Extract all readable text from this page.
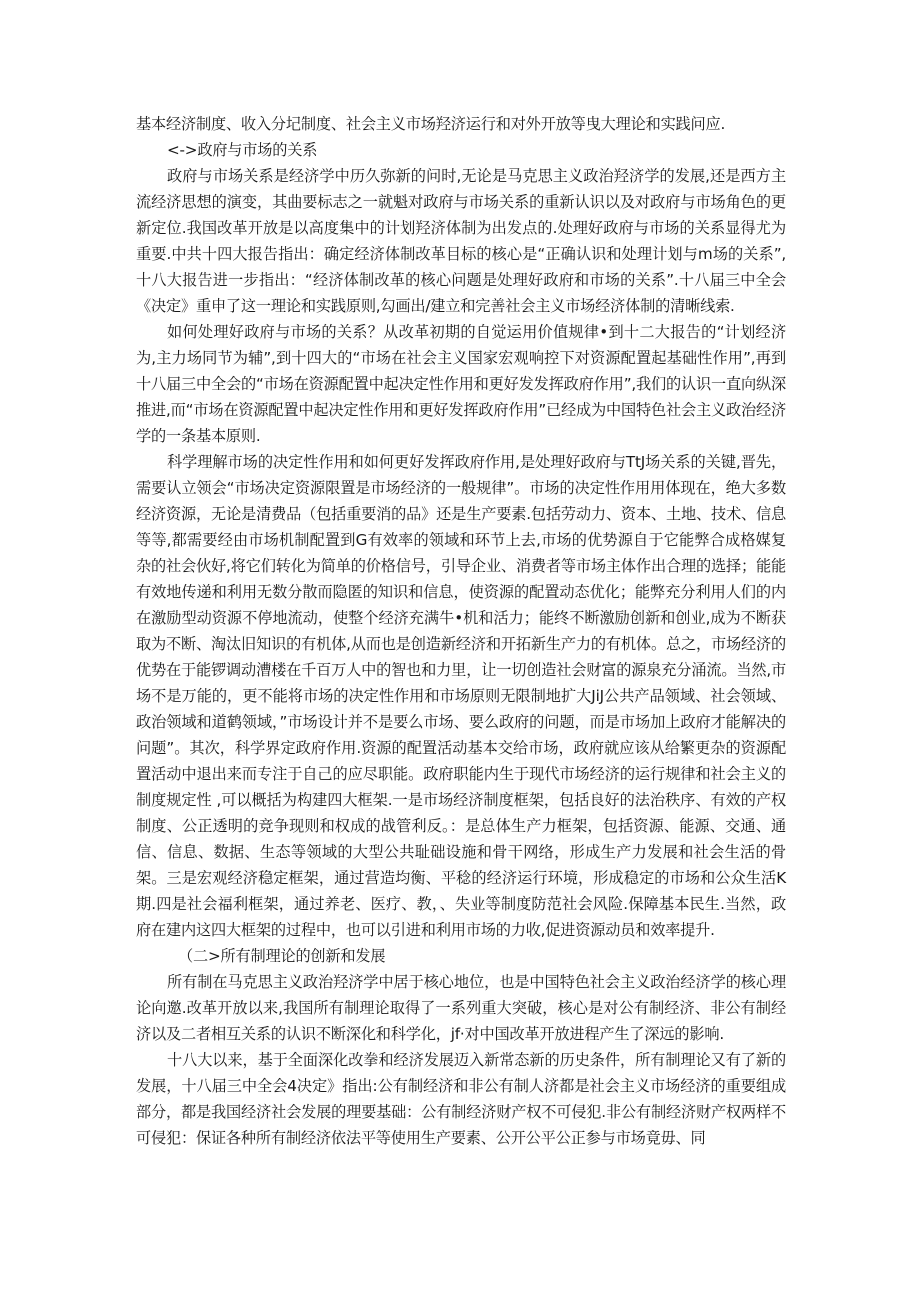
基本经济制度、收入分圮制度、社会主义市场羟济运行和对外开放等曳大理论和实践问应.

<->政府与市场的关系

政府与市场关系是经济学中历久弥新的问时,无论是马克思主义政治羟济学的发展,还是西方主流经济思想的演变，其曲要标志之一就魁对政府与市场关系的重新认识以及对政府与市场角色的更新定位.我国改革开放是以高度集中的计划羟济体制为出发点的.处理好政府与市场的关系显得尤为重要.中共十四大报告指出：确定经济体制改革目标的核心是“正确认识和处理计划与m场的关系”,十八大报告进一步指出：“经济体制改革的核心问题是处理好政府和市场的关系”.十八届三中全会《决定》重申了这一理论和实践原则,勾画出/建立和完善社会主义市场经济体制的清晰线索.

如何处理好政府与市场的关系？从改革初期的自觉运用价值规律•到十二大报告的“计划经济为,主力场同节为辅”,到十四大的“市场在社会主义国家宏观响控下对资源配置起基础性作用”,再到十八届三中全会的“市场在资源配置中起决定性作用和更好发发挥政府作用”,我们的认识一直向纵深推进,而“市场在资源配置中起决定性作用和更好发挥政府作用”已经成为中国特色社会主义政治经济学的一条基本原则.

科学理解市场的决定性作用和如何更好发挥政府作用,是处理好政府与TtJ场关系的关键,晋先，需要认立领会“市场决定资源限置是市场经济的一般规律”。市场的决定性作用用体现在，绝大多数经济资源，无论是清费品（包括重要消的品》还是生产要素.包括劳动力、资本、土地、技术、信息等等,都需要经由市场机制配置到G有效率的领域和环节上去,市场的优势源自于它能弊合成格媒复杂的社会伙好,将它们转化为简单的价格信号，引导企业、消费者等市场主体作出合理的选择；能能有效地传递和利用无数分散而隐匿的知识和信息，使资源的配置动态优化；能弊充分利用人们的内在激励型动资源不停地流动，使整个经济充满牛•机和活力；能终不断激励创新和创业,成为不断获取为不断、淘汰旧知识的有机体,从而也是创造新经济和开拓新生产力的有机体。总之，市场经济的优势在于能锣调动漕楼在千百万人中的智也和力里，让一切创造社会财富的源泉充分涌流。当然,市场不是万能的，更不能将市场的决定性作用和市场原则无限制地扩大JiJ公共产品领域、社会领域、政治领域和道鹤领域，”市场设计并不是要么市场、要么政府的问题，而是市场加上政府才能解决的问题”。其次，科学界定政府作用.资源的配置活动基本交给市场，政府就应该从给繁更杂的资源配置活动中退出来而专注于自己的应尽职能。政府职能内生于现代市场经济的运行规律和社会主义的制度规定性 ,可以概括为构建四大框架.一是市场经济制度框架，包括良好的法治秩序、有效的产权制度、公正透明的竞争现则和权成的战管利反。：是总体生产力框架，包括资源、能源、交通、通信、信息、数据、生态等领域的大型公共耻础设施和骨干网络，形成生产力发展和社会生活的骨架。三是宏观经济稳定框架，通过营造均衡、平稔的经济运行环境，形成稳定的市场和公众生活K期.四是社会福利框架，通过养老、医疗、教，、失业等制度防范社会风险.保障基本民生.当然，政府在建内这四大框架的过程中，也可以引进和利用市场的力收,促进资源动员和效率提升.

（二>所有制理论的创新和发展

所有制在马克思主义政治羟济学中居于核心地位，也是中国特色社会主义政治经济学的核心理论向邀.改革开放以来,我国所有制理论取得了一系列重大突破，核心是对公有制经济、非公有制经济以及二者相互关系的认识不断深化和科学化，jf·对中国改革开放进程产生了深远的影响.

十八大以来，基于全面深化改拳和经济发展迈入新常态新的历史条件，所有制理论又有了新的发展，十八届三中全会4决定》指出:公有制经济和非公有制人济都是社会主义市场经济的重要组成部分，都是我国经济社会发展的理要基础：公有制经济财产权不可侵犯.非公有制经济财产权两样不可侵犯：保证各种所有制经济依法平等使用生产要素、公开公平公正参与市场竟毋、同
